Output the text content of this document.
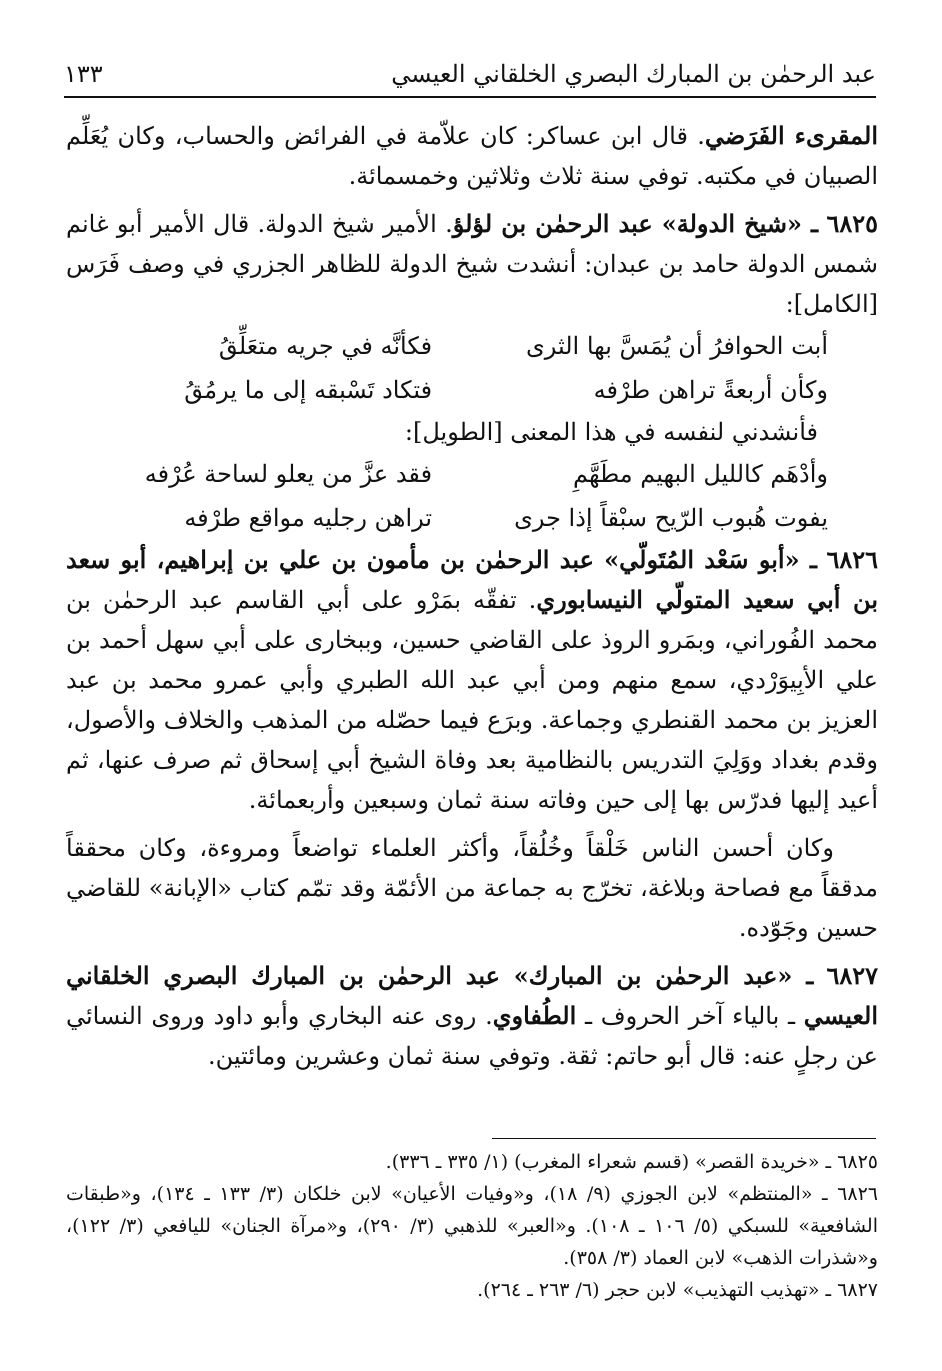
عبد الرحمٰن بن المبارك البصري الخلقاني العيسي
١٣٣

المقرىء الفَرَضي. قال ابن عساكر: كان علاّمة في الفرائض والحساب، وكان يُعَلِّم الصبيان في مكتبه. توفي سنة ثلاث وثلاثين وخمسمائة.

٦٨٢٥ ـ «شيخ الدولة» عبد الرحمٰن بن لؤلؤ. الأمير شيخ الدولة. قال الأمير أبو غانم شمس الدولة حامد بن عبدان: أنشدت شيخ الدولة للظاهر الجزري في وصف فَرَس [الكامل]:

أبت الحوافرُ أن يُمَسَّ بها الثرى
فكأنَّه في جريه متعَلِّقُ
وكأن أربعةً تراهن طرْفه
فتكاد تَسْبقه إلى ما يرمُقُ

فأنشدني لنفسه في هذا المعنى [الطويل]:

وأدْهَم كالليل البهيم مطَهَّمِ
فقد عزَّ من يعلو لساحة عُرْفه
يفوت هُبوب الرّيح سبْقاً إذا جرى
تراهن رجليه مواقع طرْفه

٦٨٢٦ ـ «أبو سَعْد المُتَولّي» عبد الرحمٰن بن مأمون بن علي بن إبراهيم، أبو سعد بن أبي سعيد المتولّي النيسابوري. تفقّه بمَرْو على أبي القاسم عبد الرحمٰن بن محمد الفُوراني، وبمَرو الروذ على القاضي حسين، وببخارى على أبي سهل أحمد بن علي الأبِيوَرْدي، سمع منهم ومن أبي عبد الله الطبري وأبي عمرو محمد بن عبد العزيز بن محمد القنطري وجماعة. وبرَع فيما حصّله من المذهب والخلاف والأصول، وقدم بغداد ووَلِيَ التدريس بالنظامية بعد وفاة الشيخ أبي إسحاق ثم صرف عنها، ثم أعيد إليها فدرّس بها إلى حين وفاته سنة ثمان وسبعين وأربعمائة.

وكان أحسن الناس خَلْقاً وخُلُقاً، وأكثر العلماء تواضعاً ومروءة، وكان محققاً مدققاً مع فصاحة وبلاغة، تخرّج به جماعة من الأئمّة وقد تمّم كتاب «الإبانة» للقاضي حسين وجَوّده.

٦٨٢٧ ـ «عبد الرحمٰن بن المبارك» عبد الرحمٰن بن المبارك البصري الخلقاني العيسي ـ بالياء آخر الحروف ـ الطُفاوي. روى عنه البخاري وأبو داود وروى النسائي عن رجلٍ عنه: قال أبو حاتم: ثقة. وتوفي سنة ثمان وعشرين ومائتين.

٦٨٢٥ ـ «خريدة القصر» (قسم شعراء المغرب) (١/ ٣٣٥ ـ ٣٣٦).

٦٨٢٦ ـ «المنتظم» لابن الجوزي (٩/ ١٨)، و«وفيات الأعيان» لابن خلكان (٣/ ١٣٣ ـ ١٣٤)، و«طبقات الشافعية» للسبكي (٥/ ١٠٦ ـ ١٠٨). و«العبر» للذهبي (٣/ ٢٩٠)، و«مرآة الجنان» لليافعي (٣/ ١٢٢)، و«شذرات الذهب» لابن العماد (٣/ ٣٥٨).

٦٨٢٧ ـ «تهذيب التهذيب» لابن حجر (٦/ ٢٦٣ ـ ٢٦٤).
